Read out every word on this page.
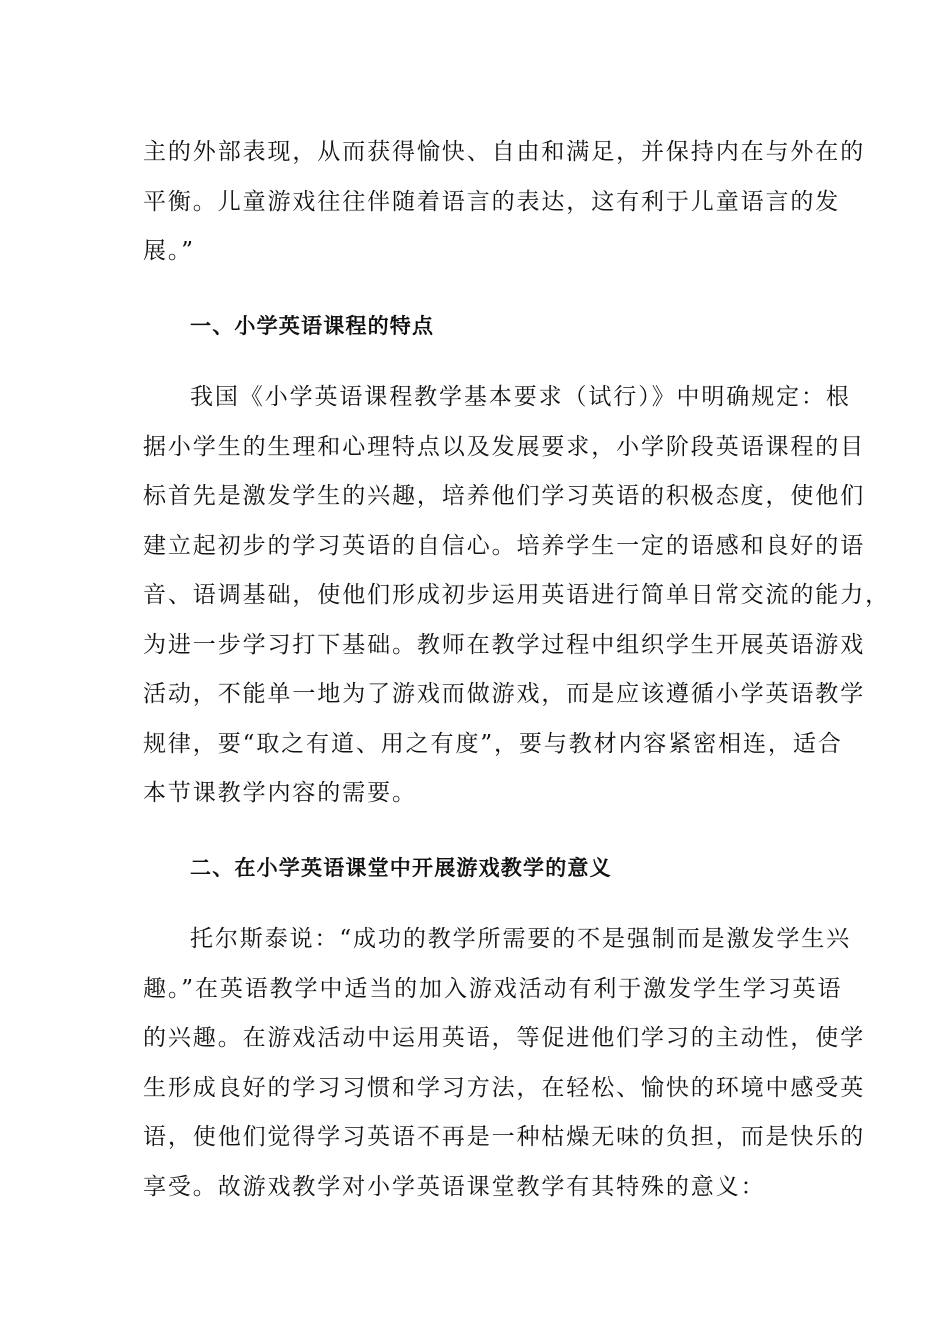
主的外部表现，从而获得愉快、自由和满足，并保持内在与外在的

平衡。儿童游戏往往伴随着语言的表达，这有利于儿童语言的发

展。”

一、小学英语课程的特点

我国《小学英语课程教学基本要求（试行）》中明确规定：根

据小学生的生理和心理特点以及发展要求，小学阶段英语课程的目

标首先是激发学生的兴趣，培养他们学习英语的积极态度，使他们

建立起初步的学习英语的自信心。培养学生一定的语感和良好的语

音、语调基础，使他们形成初步运用英语进行简单日常交流的能力，

为进一步学习打下基础。教师在教学过程中组织学生开展英语游戏

活动，不能单一地为了游戏而做游戏，而是应该遵循小学英语教学

规律，要“取之有道、用之有度”，要与教材内容紧密相连，适合

本节课教学内容的需要。

二、在小学英语课堂中开展游戏教学的意义

托尔斯泰说：“成功的教学所需要的不是强制而是激发学生兴

趣。”在英语教学中适当的加入游戏活动有利于激发学生学习英语

的兴趣。在游戏活动中运用英语，等促进他们学习的主动性，使学

生形成良好的学习习惯和学习方法，在轻松、愉快的环境中感受英

语，使他们觉得学习英语不再是一种枯燥无味的负担，而是快乐的

享受。故游戏教学对小学英语课堂教学有其特殊的意义：
